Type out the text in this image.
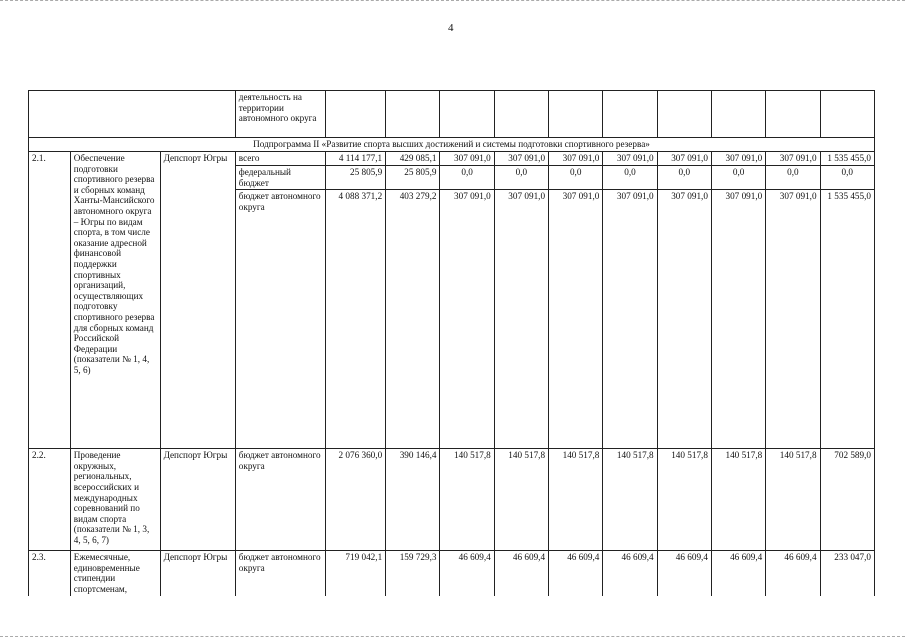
4
			деятельность на территории автономного округа										
Подпрограмма II «Развитие спорта высших достижений и системы подготовки спортивного резерва»													
2.1.	Обеспечение подготовки спортивного резерва и сборных команд Ханты-Мансийского автономного округа – Югры по видам спорта, в том числе оказание адресной финансовой поддержки спортивных организаций, осуществляющих подготовку спортивного резерва для сборных команд Российской Федерации (показатели № 1, 4, 5, 6)	Депспорт Югры	всего	4 114 177,1	429 085,1	307 091,0	307 091,0	307 091,0	307 091,0	307 091,0	307 091,0	307 091,0	1 535 455,0
			федеральный бюджет	25 805,9	25 805,9	0,0	0,0	0,0	0,0	0,0	0,0	0,0	0,0
			бюджет автономного округа	4 088 371,2	403 279,2	307 091,0	307 091,0	307 091,0	307 091,0	307 091,0	307 091,0	307 091,0	1 535 455,0
2.2.	Проведение окружных, региональных, всероссийских и международных соревнований по видам спорта (показатели № 1, 3, 4, 5, 6, 7)	Депспорт Югры	бюджет автономного округа	2 076 360,0	390 146,4	140 517,8	140 517,8	140 517,8	140 517,8	140 517,8	140 517,8	140 517,8	702 589,0
2.3.	Ежемесячные, единовременные стипендии спортсменам,	Депспорт Югры	бюджет автономного округа	719 042,1	159 729,3	46 609,4	46 609,4	46 609,4	46 609,4	46 609,4	46 609,4	46 609,4	233 047,0
